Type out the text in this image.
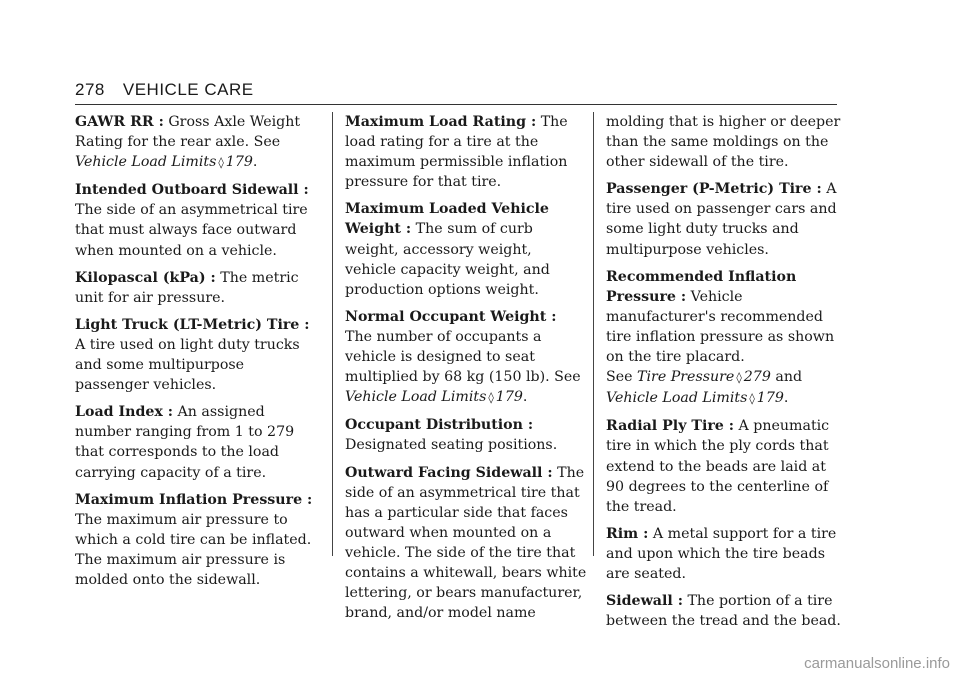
278 VEHICLE CARE

GAWR RR : Gross Axle Weight Rating for the rear axle. See Vehicle Load Limits ◊ 179.

Intended Outboard Sidewall : The side of an asymmetrical tire that must always face outward when mounted on a vehicle.

Kilopascal (kPa) : The metric unit for air pressure.

Light Truck (LT-Metric) Tire : A tire used on light duty trucks and some multipurpose passenger vehicles.

Load Index : An assigned number ranging from 1 to 279 that corresponds to the load carrying capacity of a tire.

Maximum Inflation Pressure : The maximum air pressure to which a cold tire can be inflated. The maximum air pressure is molded onto the sidewall.

Maximum Load Rating : The load rating for a tire at the maximum permissible inflation pressure for that tire.

Maximum Loaded Vehicle Weight : The sum of curb weight, accessory weight, vehicle capacity weight, and production options weight.

Normal Occupant Weight : The number of occupants a vehicle is designed to seat multiplied by 68 kg (150 lb). See Vehicle Load Limits ◊ 179.

Occupant Distribution : Designated seating positions.

Outward Facing Sidewall : The side of an asymmetrical tire that has a particular side that faces outward when mounted on a vehicle. The side of the tire that contains a whitewall, bears white lettering, or bears manufacturer, brand, and/or model name

molding that is higher or deeper than the same moldings on the other sidewall of the tire.

Passenger (P-Metric) Tire : A tire used on passenger cars and some light duty trucks and multipurpose vehicles.

Recommended Inflation Pressure : Vehicle manufacturer's recommended tire inflation pressure as shown on the tire placard.
See Tire Pressure ◊ 279 and Vehicle Load Limits ◊ 179.

Radial Ply Tire : A pneumatic tire in which the ply cords that extend to the beads are laid at 90 degrees to the centerline of the tread.

Rim : A metal support for a tire and upon which the tire beads are seated.

Sidewall : The portion of a tire between the tread and the bead.

carmanualsonline.info
